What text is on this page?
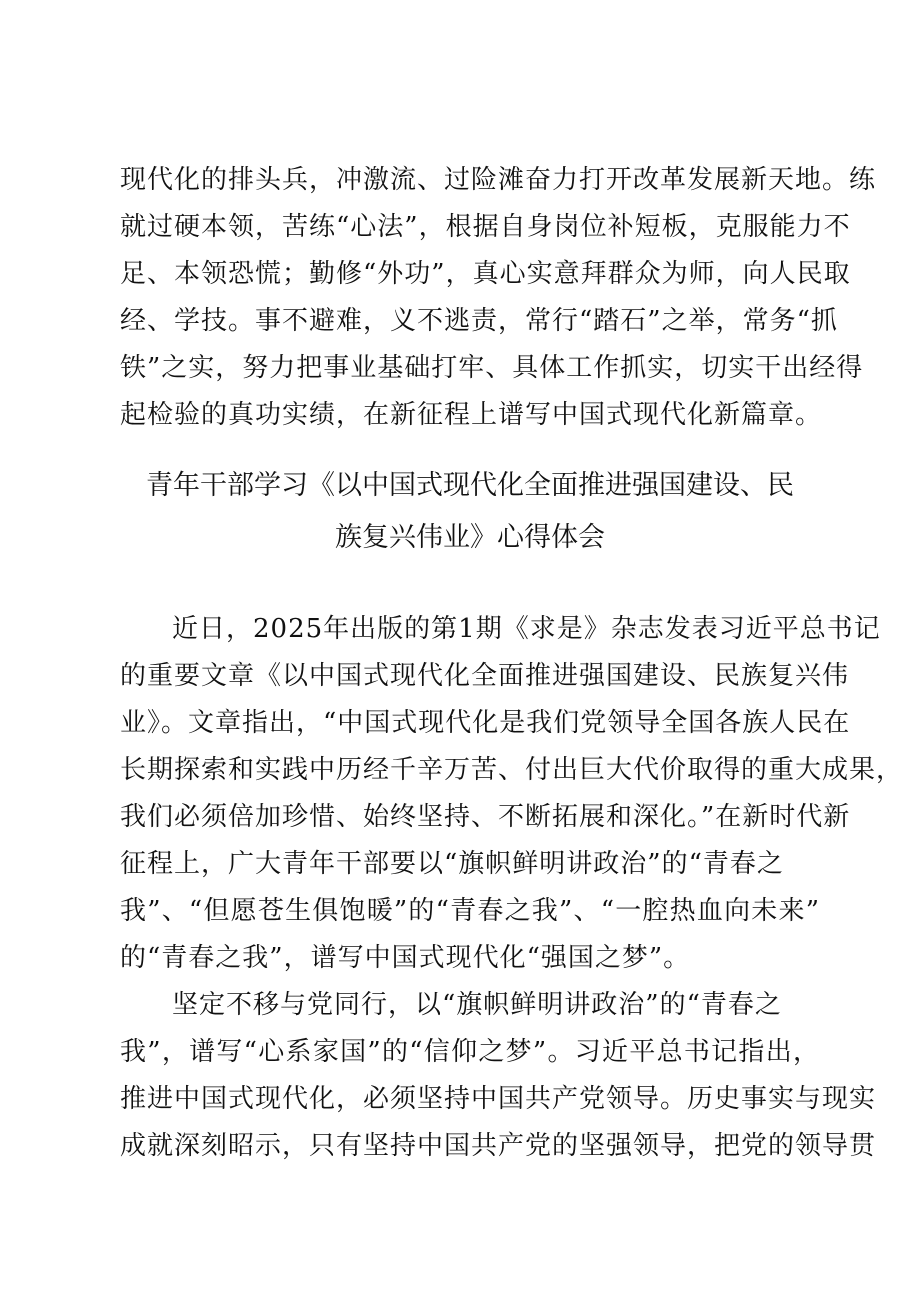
现代化的排头兵，冲激流、过险滩奋力打开改革发展新天地。练
就过硬本领，苦练“心法”，根据自身岗位补短板，克服能力不
足、本领恐慌；勤修“外功”，真心实意拜群众为师，向人民取
经、学技。事不避难，义不逃责，常行“踏石”之举，常务“抓
铁”之实，努力把事业基础打牢、具体工作抓实，切实干出经得
起检验的真功实绩，在新征程上谱写中国式现代化新篇章。
青年干部学习《以中国式现代化全面推进强国建设、民
族复兴伟业》心得体会
近日，2025年出版的第1期《求是》杂志发表习近平总书记
的重要文章《以中国式现代化全面推进强国建设、民族复兴伟
业》。文章指出，“中国式现代化是我们党领导全国各族人民在
长期探索和实践中历经千辛万苦、付出巨大代价取得的重大成果，
我们必须倍加珍惜、始终坚持、不断拓展和深化。”在新时代新
征程上，广大青年干部要以“旗帜鲜明讲政治”的“青春之
我”、“但愿苍生俱饱暖”的“青春之我”、“一腔热血向未来”
的“青春之我”，谱写中国式现代化“强国之梦”。
坚定不移与党同行，以“旗帜鲜明讲政治”的“青春之
我”，谱写“心系家国”的“信仰之梦”。习近平总书记指出，
推进中国式现代化，必须坚持中国共产党领导。历史事实与现实
成就深刻昭示，只有坚持中国共产党的坚强领导，把党的领导贯
